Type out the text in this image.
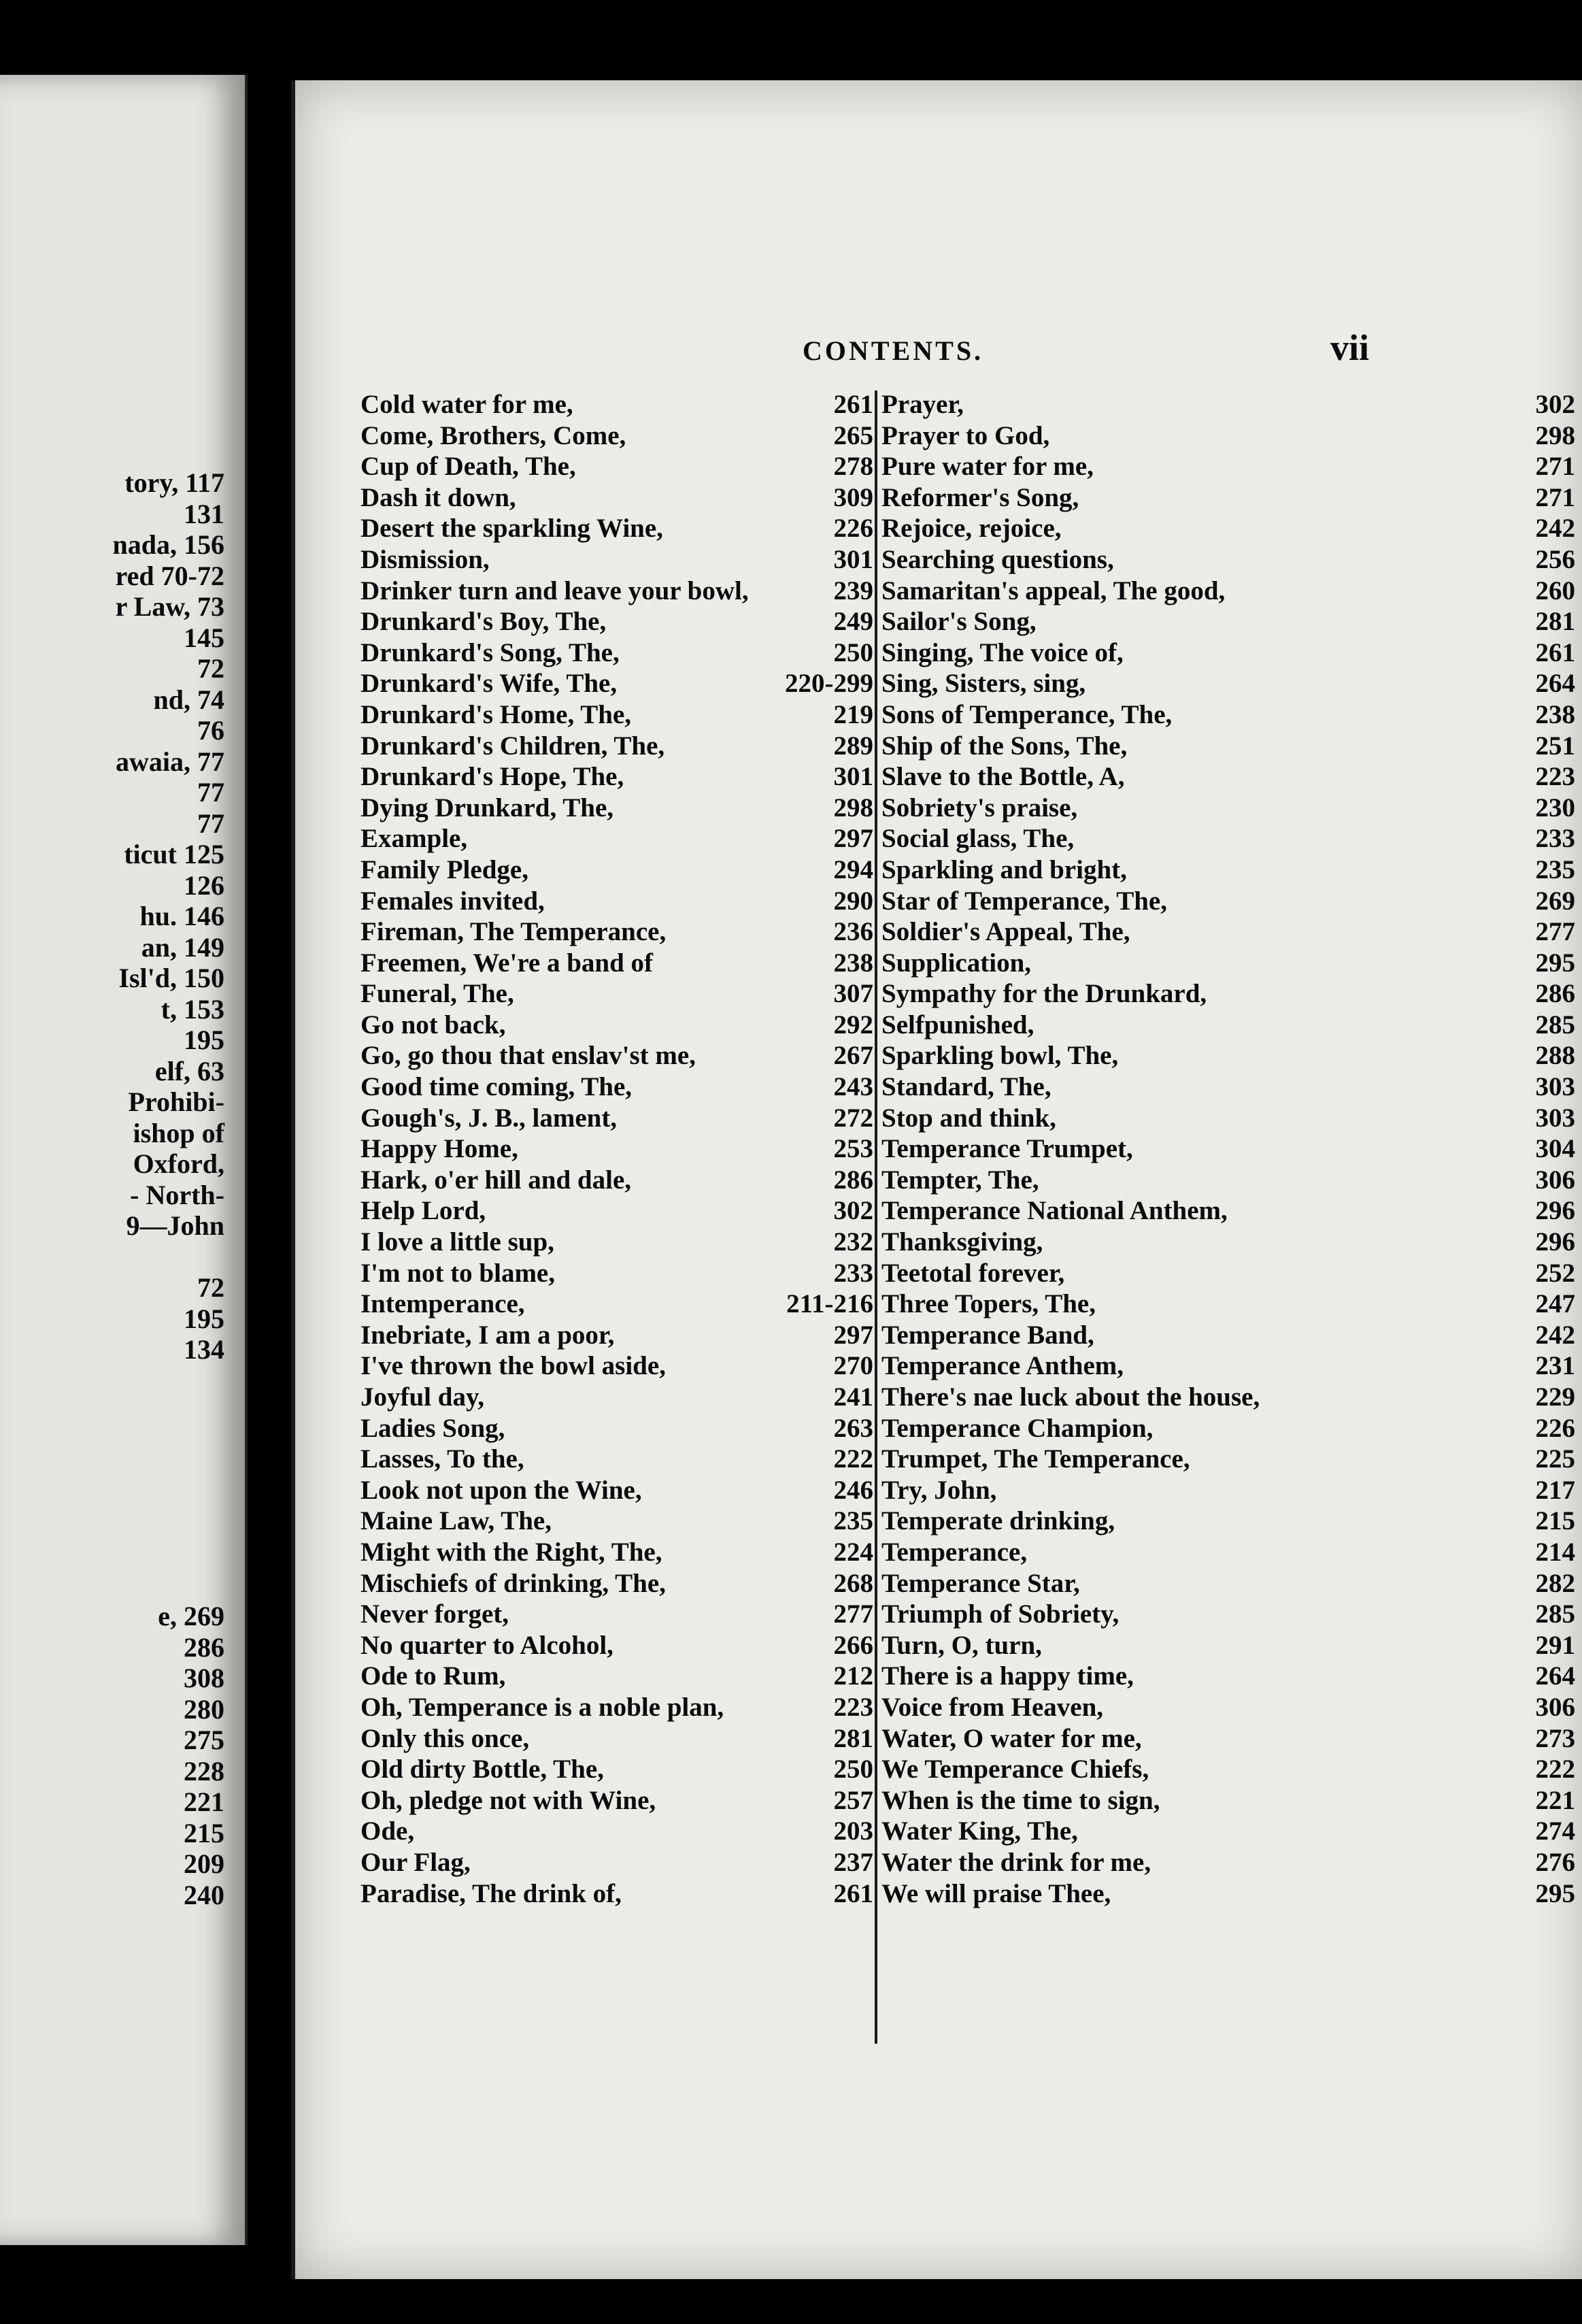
tory, 117
131
nada, 156
red 70-72
r Law, 73
145
72
nd, 74
76
awaia, 77
77
77
ticut 125
126
hu. 146
an, 149
Isl'd, 150
t, 153
195
elf, 63
Prohibi-
ishop of
Oxford,
- North-
9—John
72
195
134
e, 269
286
308
280
275
228
221
215
209
240
CONTENTS.	vii
Cold water for me,	261
Come, Brothers, Come,	265
Cup of Death, The,	278
Dash it down,	309
Desert the sparkling Wine,	226
Dismission,	301
Drinker turn and leave your bowl,	239
Drunkard's Boy, The,	249
Drunkard's Song, The,	250
Drunkard's Wife, The,	220-299
Drunkard's Home, The,	219
Drunkard's Children, The,	289
Drunkard's Hope, The,	301
Dying Drunkard, The,	298
Example,	297
Family Pledge,	294
Females invited,	290
Fireman, The Temperance,	236
Freemen, We're a band of	238
Funeral, The,	307
Go not back,	292
Go, go thou that enslav'st me,	267
Good time coming, The,	243
Gough's, J. B., lament,	272
Happy Home,	253
Hark, o'er hill and dale,	286
Help Lord,	302
I love a little sup,	232
I'm not to blame,	233
Intemperance,	211-216
Inebriate, I am a poor,	297
I've thrown the bowl aside,	270
Joyful day,	241
Ladies Song,	263
Lasses, To the,	222
Look not upon the Wine,	246
Maine Law, The,	235
Might with the Right, The,	224
Mischiefs of drinking, The,	268
Never forget,	277
No quarter to Alcohol,	266
Ode to Rum,	212
Oh, Temperance is a noble plan,	223
Only this once,	281
Old dirty Bottle, The,	250
Oh, pledge not with Wine,	257
Ode,	203
Our Flag,	237
Paradise, The drink of,	261
Prayer,	302
Prayer to God,	298
Pure water for me,	271
Reformer's Song,	271
Rejoice, rejoice,	242
Searching questions,	256
Samaritan's appeal, The good,	260
Sailor's Song,	281
Singing, The voice of,	261
Sing, Sisters, sing,	264
Sons of Temperance, The,	238
Ship of the Sons, The,	251
Slave to the Bottle, A,	223
Sobriety's praise,	230
Social glass, The,	233
Sparkling and bright,	235
Star of Temperance, The,	269
Soldier's Appeal, The,	277
Supplication,	295
Sympathy for the Drunkard,	286
Selfpunished,	285
Sparkling bowl, The,	288
Standard, The,	303
Stop and think,	303
Temperance Trumpet,	304
Tempter, The,	306
Temperance National Anthem,	296
Thanksgiving,	296
Teetotal forever,	252
Three Topers, The,	247
Temperance Band,	242
Temperance Anthem,	231
There's nae luck about the house,	229
Temperance Champion,	226
Trumpet, The Temperance,	225
Try, John,	217
Temperate drinking,	215
Temperance,	214
Temperance Star,	282
Triumph of Sobriety,	285
Turn, O, turn,	291
There is a happy time,	264
Voice from Heaven,	306
Water, O water for me,	273
We Temperance Chiefs,	222
When is the time to sign,	221
Water King, The,	274
Water the drink for me,	276
We will praise Thee,	295
